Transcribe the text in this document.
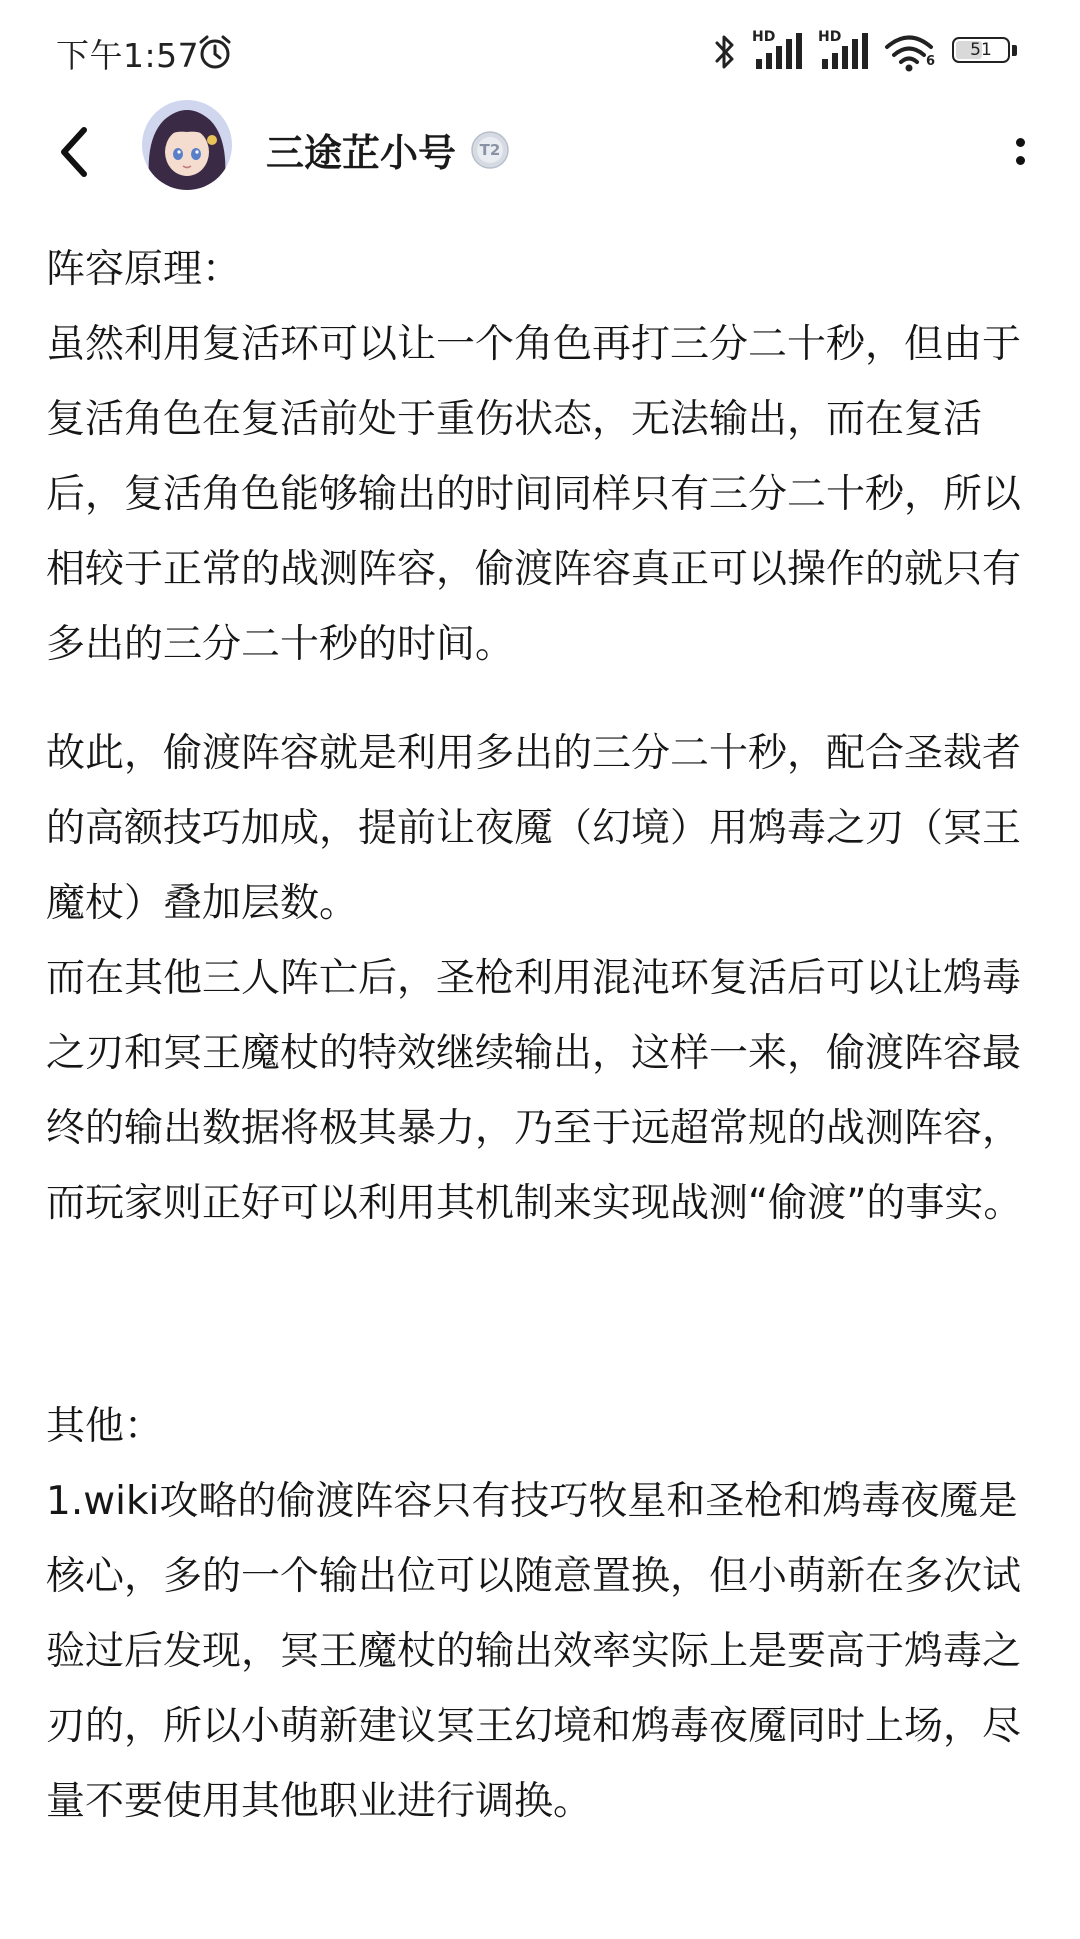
下午1:57	HD	HD
6
51
三途芷小号	T2

阵容原理：

虽然利用复活环可以让一个角色再打三分二十秒，但由于复活角色在复活前处于重伤状态，无法输出，而在复活后，复活角色能够输出的时间同样只有三分二十秒，所以相较于正常的战测阵容，偷渡阵容真正可以操作的就只有多出的三分二十秒的时间。

故此，偷渡阵容就是利用多出的三分二十秒，配合圣裁者的高额技巧加成，提前让夜魇（幻境）用鸩毒之刃（冥王魔杖）叠加层数。

而在其他三人阵亡后，圣枪利用混沌环复活后可以让鸩毒之刃和冥王魔杖的特效继续输出，这样一来，偷渡阵容最终的输出数据将极其暴力，乃至于远超常规的战测阵容，而玩家则正好可以利用其机制来实现战测“偷渡”的事实。

其他：

1.wiki攻略的偷渡阵容只有技巧牧星和圣枪和鸩毒夜魇是核心，多的一个输出位可以随意置换，但小萌新在多次试验过后发现，冥王魔杖的输出效率实际上是要高于鸩毒之刃的，所以小萌新建议冥王幻境和鸩毒夜魇同时上场，尽量不要使用其他职业进行调换。
